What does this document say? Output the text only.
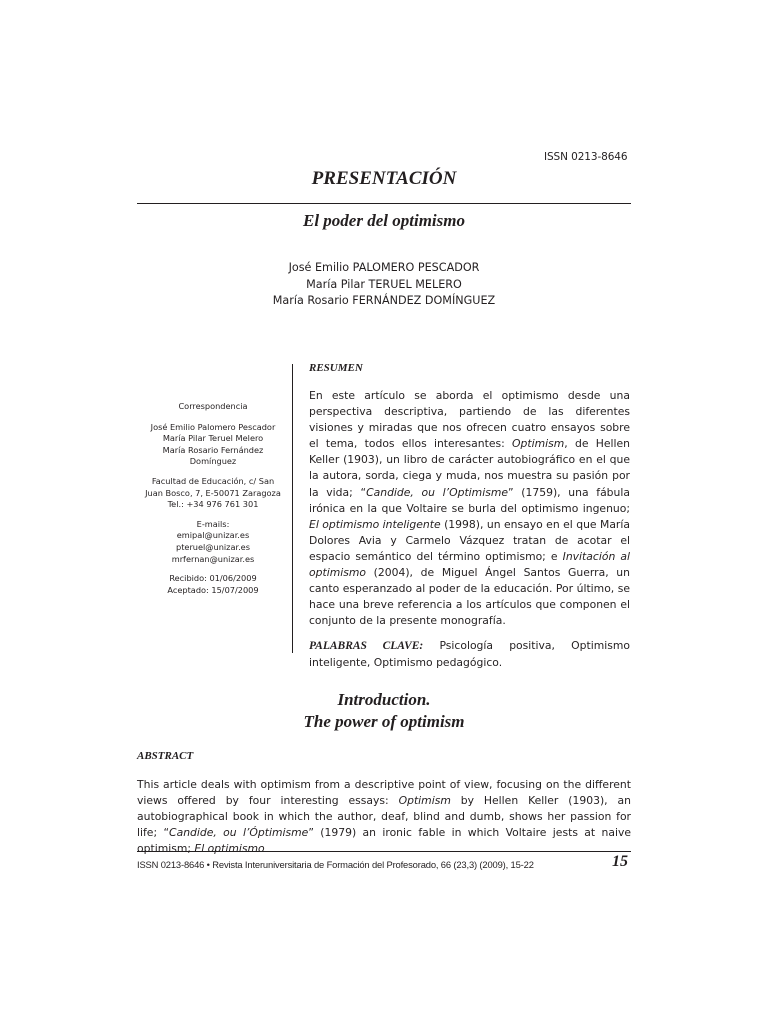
ISSN 0213-8646
PRESENTACIÓN
El poder del optimismo
José Emilio PALOMERO PESCADOR
María Pilar TERUEL MELERO
María Rosario FERNÁNDEZ DOMÍNGUEZ
Correspondencia
José Emilio Palomero Pescador
María Pilar Teruel Melero
María Rosario Fernández
Domínguez
Facultad de Educación, c/ San
Juan Bosco, 7, E-50071 Zaragoza
Tel.: +34 976 761 301
E-mails:
emipal@unizar.es
pteruel@unizar.es
mrfernan@unizar.es
Recibido: 01/06/2009
Aceptado: 15/07/2009
RESUMEN
En este artículo se aborda el optimismo desde una perspectiva descriptiva, partiendo de las diferentes visiones y miradas que nos ofrecen cuatro ensayos sobre el tema, todos ellos interesantes: Optimism, de Hellen Keller (1903), un libro de carácter autobiográfico en el que la autora, sorda, ciega y muda, nos muestra su pasión por la vida; “Candide, ou l’Optimisme” (1759), una fábula irónica en la que Voltaire se burla del optimismo ingenuo; El optimismo inteligente (1998), un ensayo en el que María Dolores Avia y Carmelo Vázquez tratan de acotar el espacio semántico del término optimismo; e Invitación al optimismo (2004), de Miguel Ángel Santos Guerra, un canto esperanzado al poder de la educación. Por último, se hace una breve referencia a los artículos que componen el conjunto de la presente monografía.
PALABRAS CLAVE: Psicología positiva, Optimismo inteligente, Optimismo pedagógico.
Introduction.
The power of optimism
ABSTRACT
This article deals with optimism from a descriptive point of view, focusing on the different views offered by four interesting essays: Optimism by Hellen Keller (1903), an autobiographical book in which the author, deaf, blind and dumb, shows her passion for life; “Candide, ou l’Óptimisme” (1979) an ironic fable in which Voltaire jests at naive optimism; El optimismo
ISSN 0213-8646 • Revista Interuniversitaria de Formación del Profesorado, 66 (23,3) (2009), 15-22	15
